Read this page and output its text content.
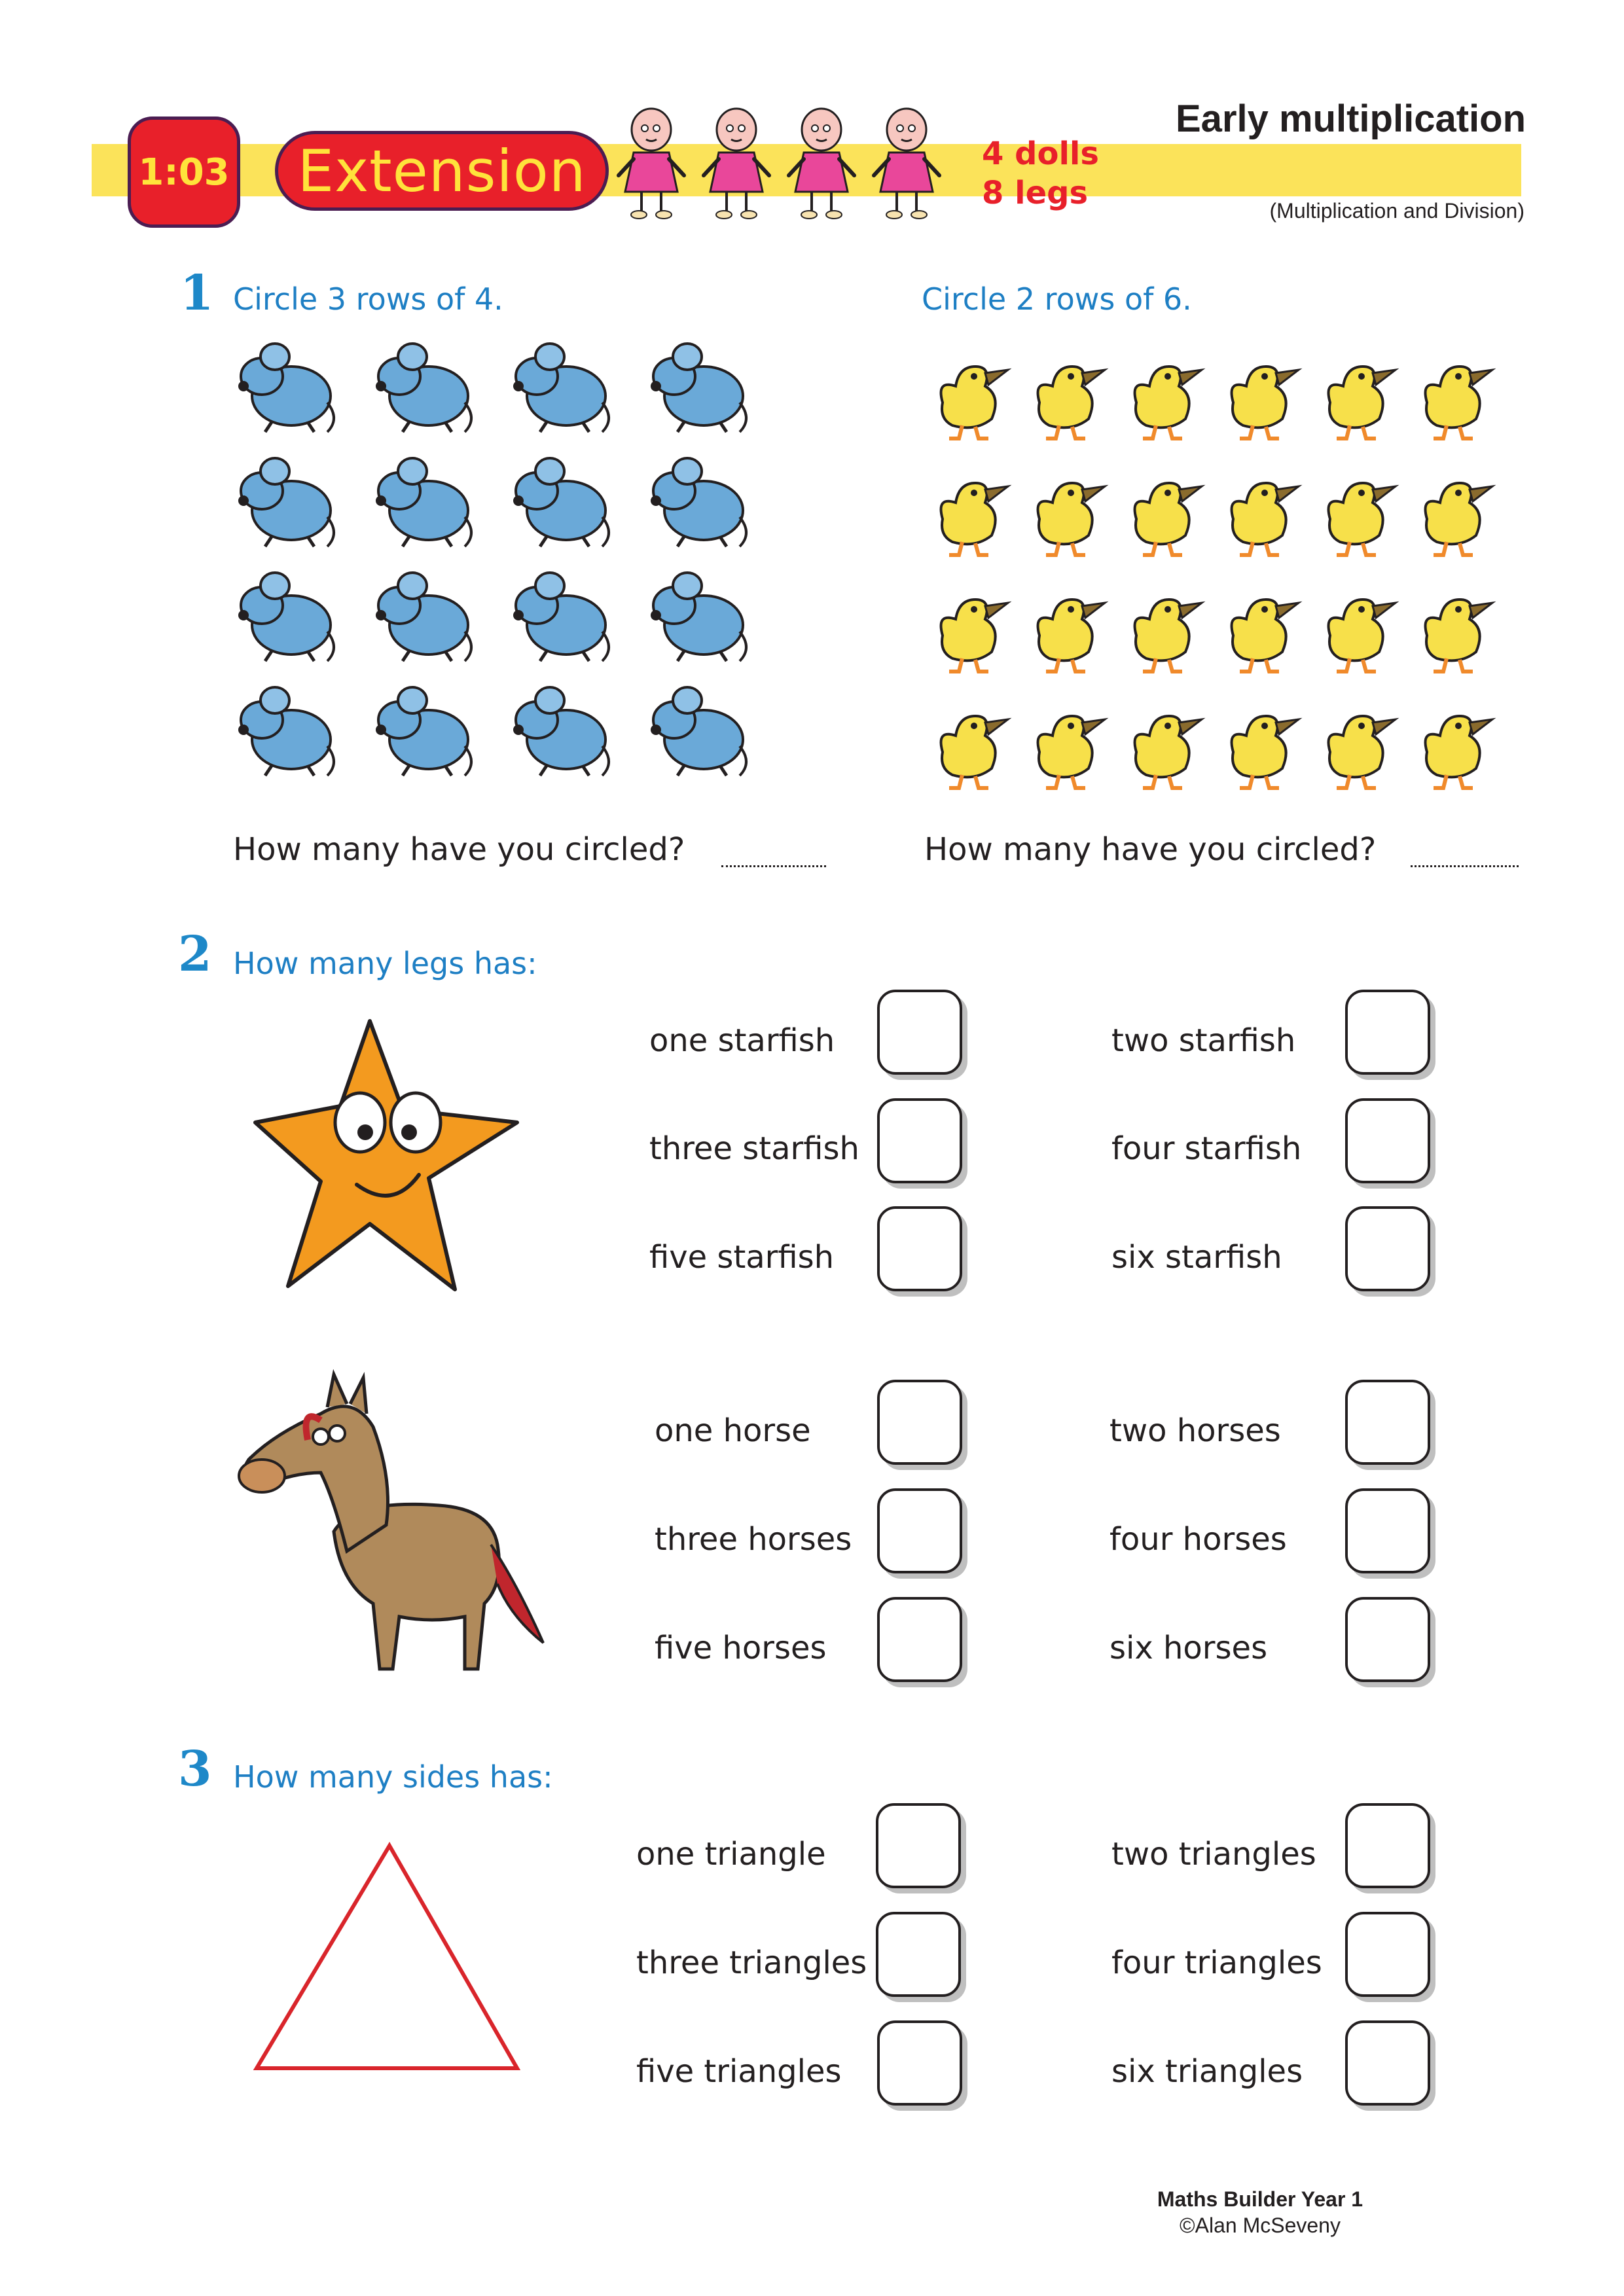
1:03	Extension	4 dolls
8 legs
Early multiplication
(Multiplication and Division)
1 Circle 3 rows of 4.	Circle 2 rows of 6.
How many have you circled?	How many have you circled?
2 How many legs has:
one starfish	two starfish
three starfish	four starfish
five starfish	six starfish
one horse	two horses
three horses	four horses
five horses	six horses
3 How many sides has:
one triangle	two triangles
three triangles	four triangles
five triangles	six triangles
Maths Builder Year 1
©Alan McSeveny
